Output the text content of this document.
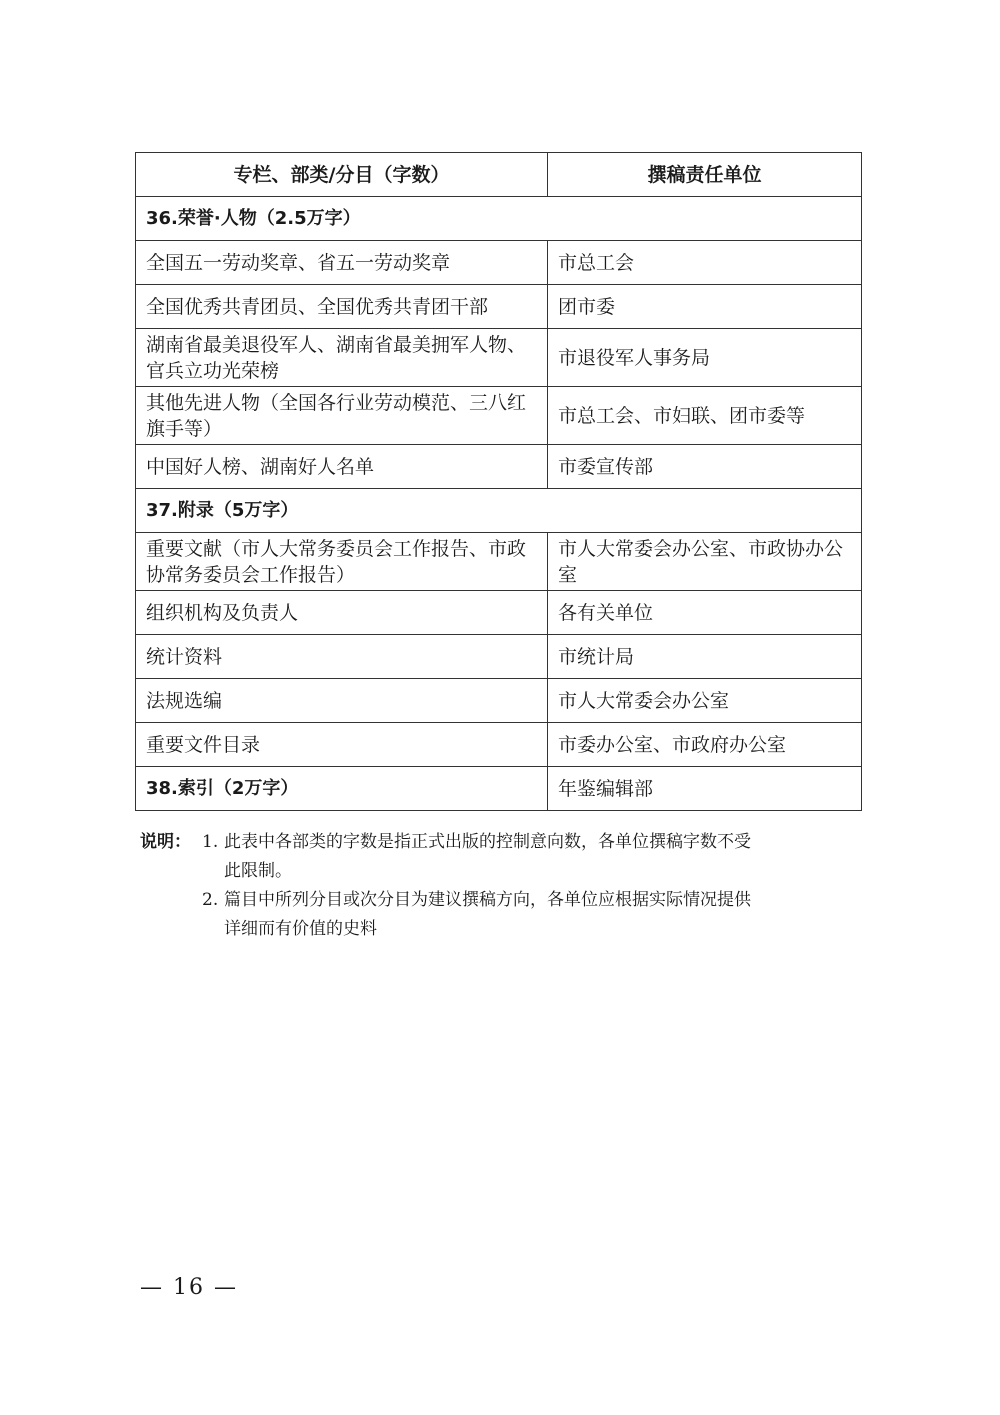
专栏、部类/分目（字数）	撰稿责任单位
36.荣誉·人物（2.5万字）	
全国五一劳动奖章、省五一劳动奖章	市总工会
全国优秀共青团员、全国优秀共青团干部	团市委
湖南省最美退役军人、湖南省最美拥军人物、官兵立功光荣榜	市退役军人事务局
其他先进人物（全国各行业劳动模范、三八红旗手等）	市总工会、市妇联、团市委等
中国好人榜、湖南好人名单	市委宣传部
37.附录（5万字）	
重要文献（市人大常务委员会工作报告、市政协常务委员会工作报告）	市人大常委会办公室、市政协办公室
组织机构及负责人	各有关单位
统计资料	市统计局
法规选编	市人大常委会办公室
重要文件目录	市委办公室、市政府办公室
38.索引（2万字）	年鉴编辑部
说明： 1. 此表中各部类的字数是指正式出版的控制意向数，各单位撰稿字数不受
此限制。
2. 篇目中所列分目或次分目为建议撰稿方向，各单位应根据实际情况提供
详细而有价值的史料
— 16 —
